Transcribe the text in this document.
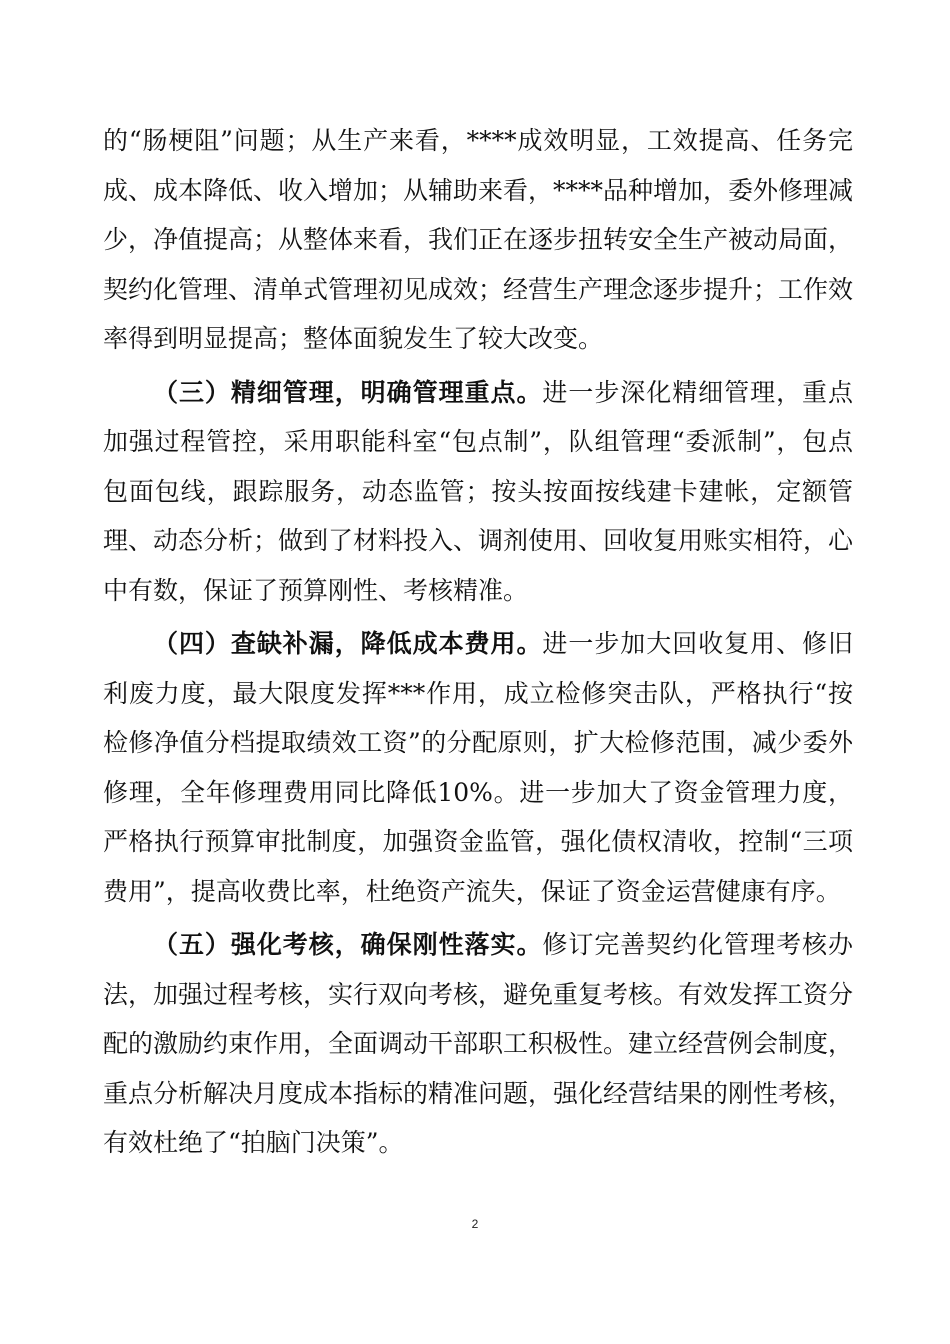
的“肠梗阻”问题；从生产来看，****成效明显，工效提高、任务完成、成本降低、收入增加；从辅助来看，****品种增加，委外修理减少，净值提高；从整体来看，我们正在逐步扭转安全生产被动局面，契约化管理、清单式管理初见成效；经营生产理念逐步提升；工作效率得到明显提高；整体面貌发生了较大改变。

（三）精细管理，明确管理重点。进一步深化精细管理，重点加强过程管控，采用职能科室“包点制”，队组管理“委派制”，包点包面包线，跟踪服务，动态监管；按头按面按线建卡建帐，定额管理、动态分析；做到了材料投入、调剂使用、回收复用账实相符，心中有数，保证了预算刚性、考核精准。

（四）查缺补漏，降低成本费用。进一步加大回收复用、修旧利废力度，最大限度发挥***作用，成立检修突击队，严格执行“按检修净值分档提取绩效工资”的分配原则，扩大检修范围，减少委外修理，全年修理费用同比降低10%。进一步加大了资金管理力度，严格执行预算审批制度，加强资金监管，强化债权清收，控制“三项费用”，提高收费比率，杜绝资产流失，保证了资金运营健康有序。

（五）强化考核，确保刚性落实。修订完善契约化管理考核办法，加强过程考核，实行双向考核，避免重复考核。有效发挥工资分配的激励约束作用，全面调动干部职工积极性。建立经营例会制度，重点分析解决月度成本指标的精准问题，强化经营结果的刚性考核，有效杜绝了“拍脑门决策”。

2
